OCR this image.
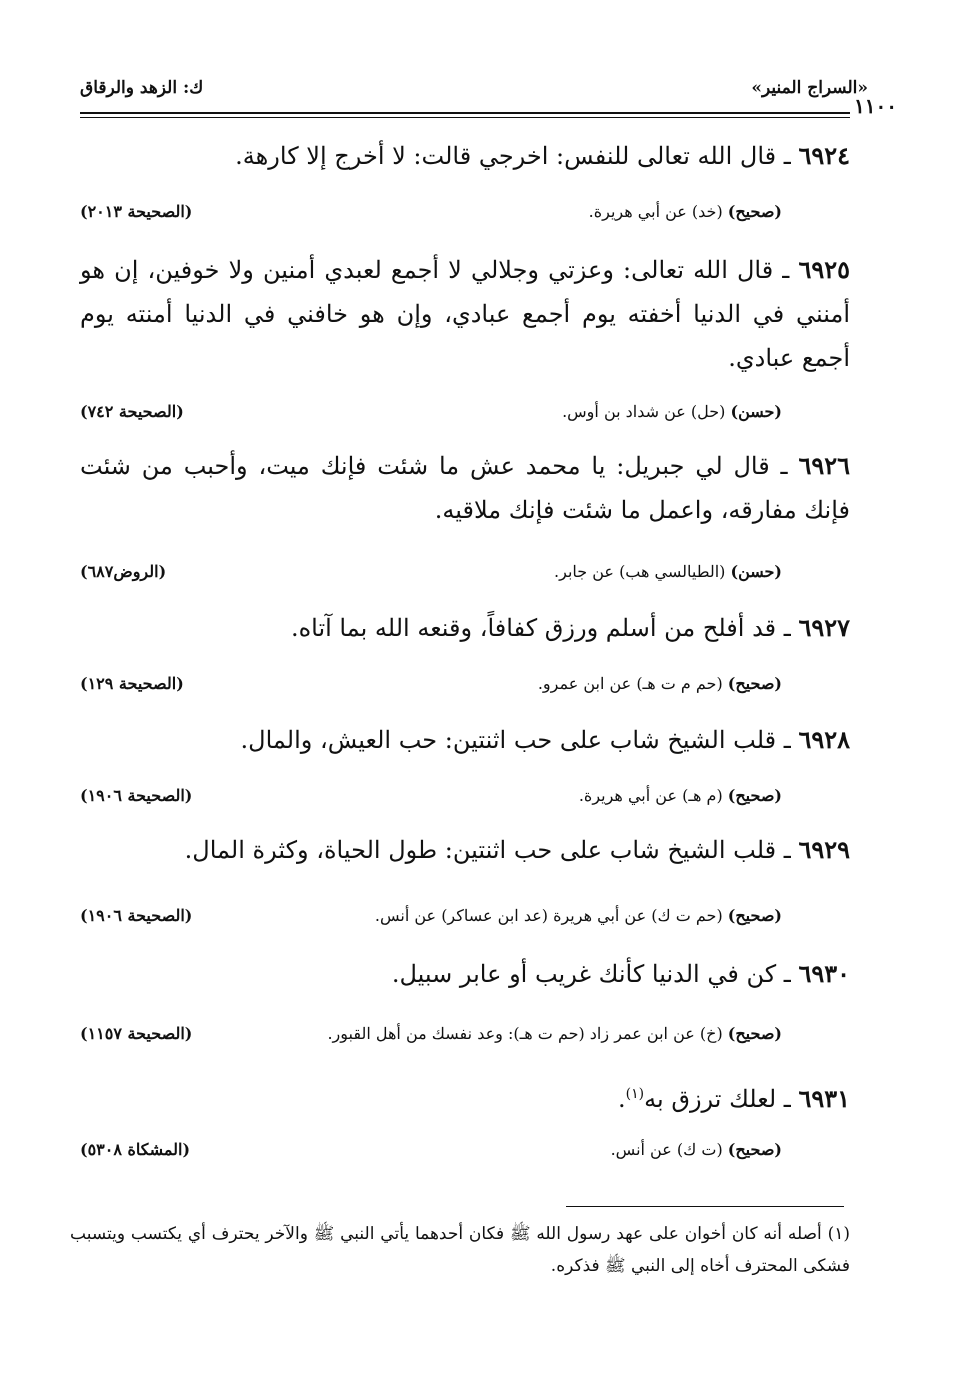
«السراج المنير»
ك: الزهد والرقاق
١١٠٠
٦٩٢٤ ـ قال الله تعالى للنفس: اخرجي قالت: لا أخرج إلا كارهة.
(صحيح) (خد) عن أبي هريرة.
(الصحيحة ٢٠١٣)
٦٩٢٥ ـ قال الله تعالى: وعزتي وجلالي لا أجمع لعبدي أمنين ولا خوفين، إن هو أمنني في الدنيا أخفته يوم أجمع عبادي، وإن هو خافني في الدنيا أمنته يوم أجمع عبادي.
(حسن) (حل) عن شداد بن أوس.
(الصحيحة ٧٤٢)
٦٩٢٦ ـ قال لي جبريل: يا محمد عش ما شئت فإنك ميت، وأحبب من شئت فإنك مفارقه، واعمل ما شئت فإنك ملاقيه.
(حسن) (الطيالسي هب) عن جابر.
(الروض٦٨٧)
٦٩٢٧ ـ قد أفلح من أسلم ورزق كفافاً، وقنعه الله بما آتاه.
(صحيح) (حم م ت هـ) عن ابن عمرو.
(الصحيحة ١٢٩)
٦٩٢٨ ـ قلب الشيخ شاب على حب اثنتين: حب العيش، والمال.
(صحيح) (م هـ) عن أبي هريرة.
(الصحيحة ١٩٠٦)
٦٩٢٩ ـ قلب الشيخ شاب على حب اثنتين: طول الحياة، وكثرة المال.
(صحيح) (حم ت ك) عن أبي هريرة (عد ابن عساكر) عن أنس.
(الصحيحة ١٩٠٦)
٦٩٣٠ ـ كن في الدنيا كأنك غريب أو عابر سبيل.
(صحيح) (خ) عن ابن عمر زاد (حم ت هـ): وعد نفسك من أهل القبور.
(الصحيحة ١١٥٧)
٦٩٣١ ـ لعلك ترزق به$^{(١)}$.
(صحيح) (ت ك) عن أنس.
(المشكاة ٥٣٠٨)
(١) أصله أنه كان أخوان على عهد رسول الله ﷺ فكان أحدهما يأتي النبي ﷺ والآخر يحترف أي يكتسب ويتسبب فشكى المحترف أخاه إلى النبي ﷺ فذكره.
